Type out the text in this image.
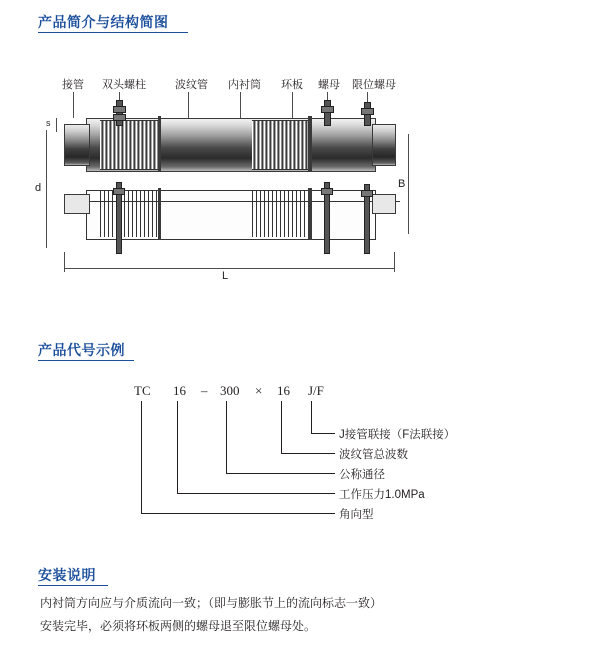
产品简介与结构简图
接管 双头螺柱	波纹管 内衬筒 环板 螺母 限位螺母
s
d	B
L
产品代号示例
TC 16 – 300 × 16 J/F
J接管联接（F法联接）
波纹管总波数
公称通径
工作压力1.0MPa
角向型
安装说明

内衬筒方向应与介质流向一致；（即与膨胀节上的流向标志一致）

安装完毕，必须将环板两侧的螺母退至限位螺母处。
